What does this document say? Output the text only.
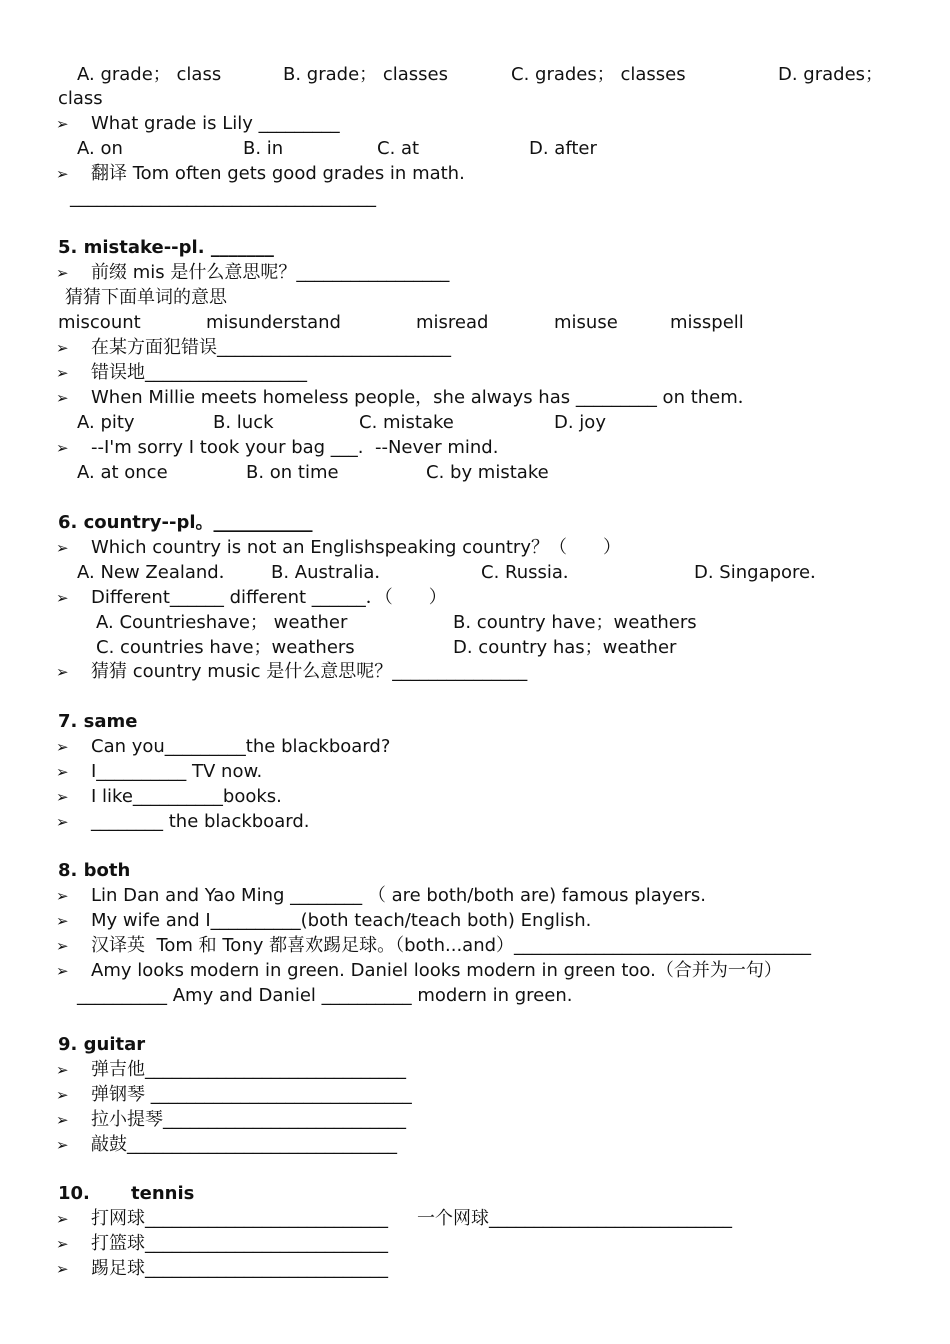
A. grade； class	B. grade； classes	C. grades； classes	D. grades；
class
➢ What grade is Lily _________
A. on	B. in	C. at	D. after
➢ 翻译 Tom often gets good grades in math.
__________________________________
5. mistake--pl. _______
➢ 前缀 mis 是什么意思呢？_________________
猜猜下面单词的意思
miscount	misunderstand	misread	misuse	misspell
➢ 在某方面犯错误__________________________
➢ 错误地__________________
➢ When Millie meets homeless people，she always has _________ on them．
A. pity	B. luck	C. mistake	D. joy
➢ --I'm sorry I took your bag ___.  --Never mind.
A. at once	B. on time	C. by mistake
6. country--pl。___________
➢ Which country is not an Englishspeaking country？（　　）
A. New Zealand． B. Australia．	C. Russia．	D. Singapore．
➢ Different______ different ______．（　　）
A. Countrieshave； weather	B. country have；weathers
C. countries have；weathers	D. country has；weather
➢ 猜猜 country music 是什么意思呢？_______________
7. same
➢ Can you_________the blackboard?
➢ I__________ TV now.
➢ I like__________books.
➢ ________ the blackboard.
8. both
➢ Lin Dan and Yao Ming ________ （ are both/both are) famous players.
➢ My wife and I__________(both teach/teach both) English.
➢ 汉译英  Tom 和 Tony 都喜欢踢足球。（both...and）_________________________________
➢ Amy looks modern in green. Daniel looks modern in green too.（合并为一句）
__________ Amy and Daniel __________ modern in green.
9. guitar
➢ 弹吉他_____________________________
➢ 弹钢琴 _____________________________
➢ 拉小提琴___________________________
➢ 敲鼓______________________________
10. tennis
➢ 打网球___________________________ 一个网球___________________________
➢ 打篮球___________________________
➢ 踢足球___________________________
